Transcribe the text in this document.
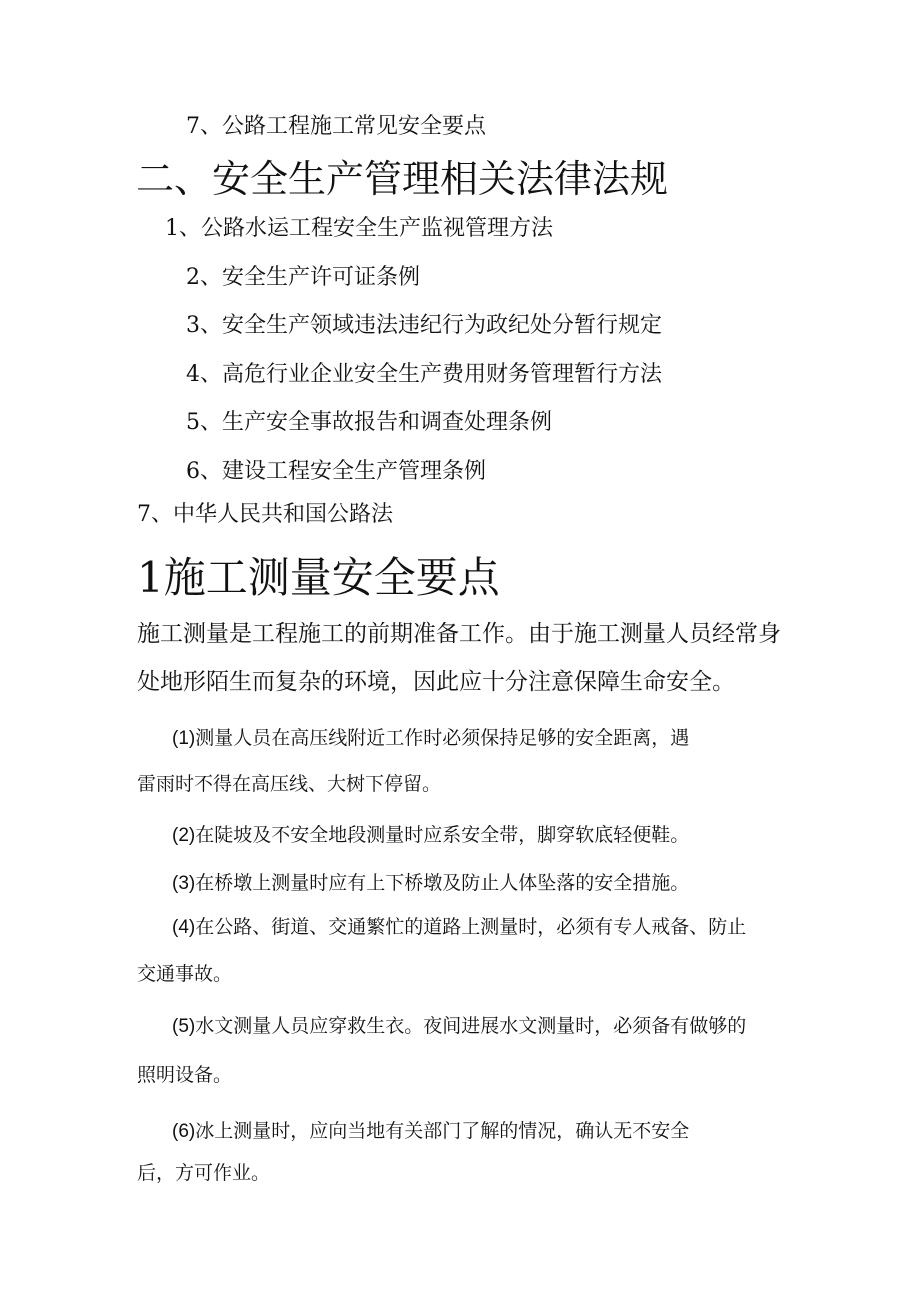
7、公路工程施工常见安全要点
二、安全生产管理相关法律法规
1、公路水运工程安全生产监视管理方法
2、安全生产许可证条例
3、安全生产领域违法违纪行为政纪处分暂行规定
4、高危行业企业安全生产费用财务管理暂行方法
5、生产安全事故报告和调查处理条例
6、建设工程安全生产管理条例
7、中华人民共和国公路法
1施工测量安全要点
施工测量是工程施工的前期准备工作。由于施工测量人员经常身
处地形陌生而复杂的环境，因此应十分注意保障生命安全。
(1)测量人员在高压线附近工作时必须保持足够的安全距离，遇
雷雨时不得在高压线、大树下停留。
(2)在陡坡及不安全地段测量时应系安全带，脚穿软底轻便鞋。
(3)在桥墩上测量时应有上下桥墩及防止人体坠落的安全措施。
(4)在公路、街道、交通繁忙的道路上测量时，必须有专人戒备、防止
交通事故。
(5)水文测量人员应穿救生衣。夜间进展水文测量时，必须备有做够的
照明设备。
(6)冰上测量时，应向当地有关部门了解的情况，确认无不安全
后，方可作业。
